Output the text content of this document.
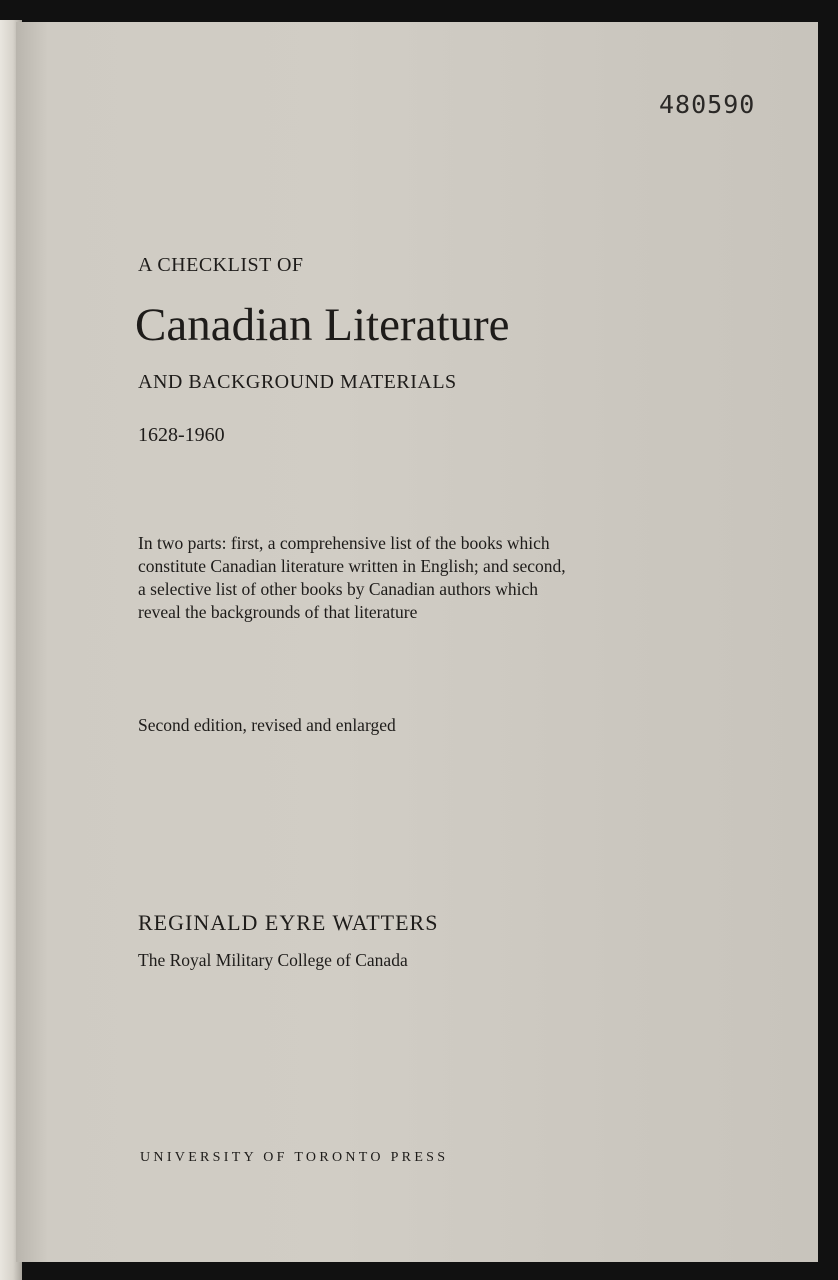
480590

A CHECKLIST OF

Canadian Literature

AND BACKGROUND MATERIALS

1628-1960

In two parts: first, a comprehensive list of the books which
constitute Canadian literature written in English; and second,
a selective list of other books by Canadian authors which
reveal the backgrounds of that literature

Second edition, revised and enlarged

REGINALD EYRE WATTERS

The Royal Military College of Canada

UNIVERSITY OF TORONTO PRESS
